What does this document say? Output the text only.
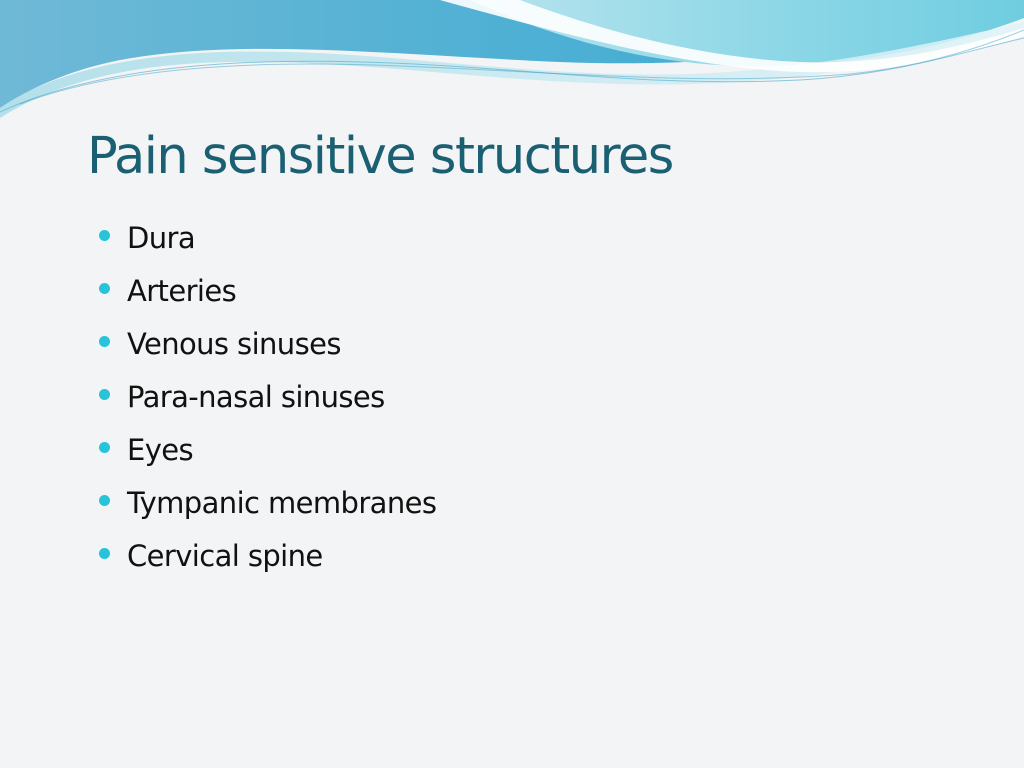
Pain sensitive structures
Dura
Arteries
Venous sinuses
Para-nasal sinuses
Eyes
Tympanic membranes
Cervical spine
